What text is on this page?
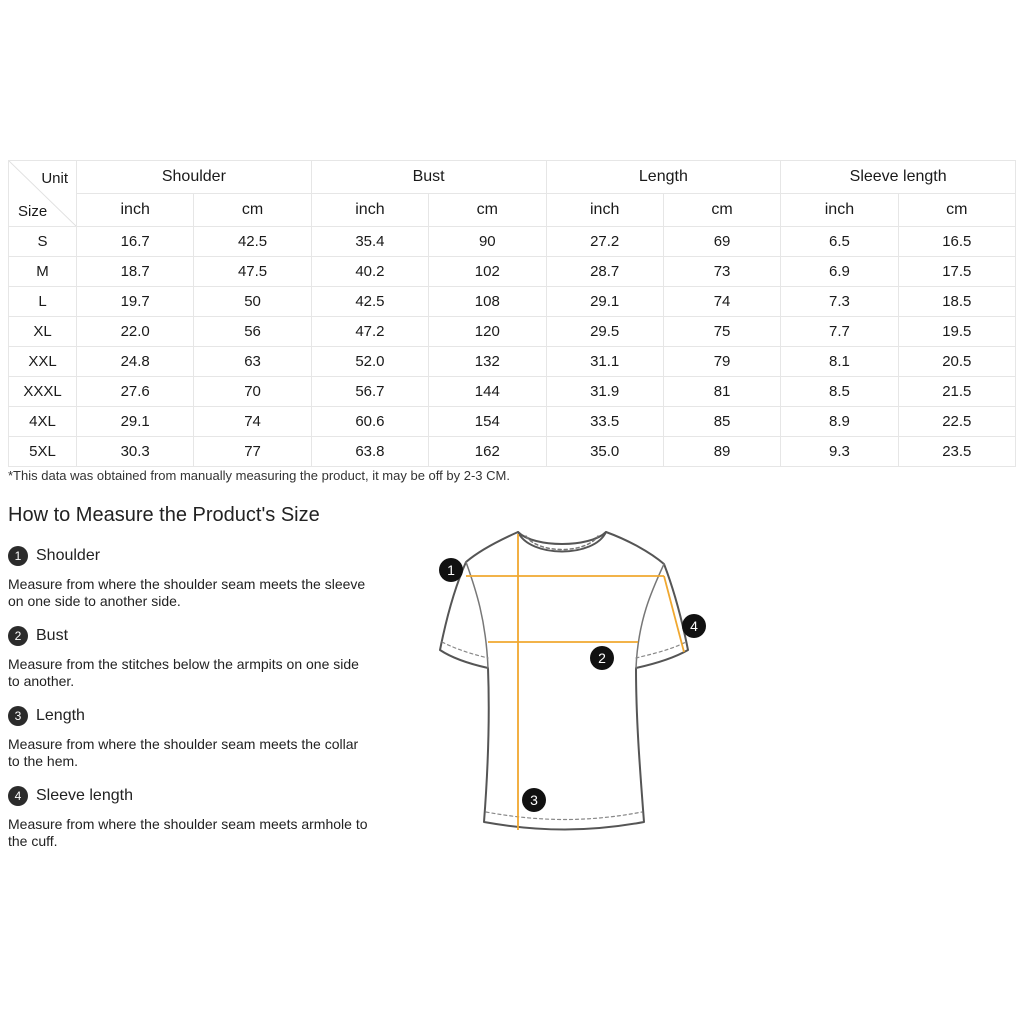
Unit
Size	Shoulder		Bust		Length		Sleeve length	
	inch	cm	inch	cm	inch	cm	inch	cm
S	16.7	42.5	35.4	90	27.2	69	6.5	16.5
M	18.7	47.5	40.2	102	28.7	73	6.9	17.5
L	19.7	50	42.5	108	29.1	74	7.3	18.5
XL	22.0	56	47.2	120	29.5	75	7.7	19.5
XXL	24.8	63	52.0	132	31.1	79	8.1	20.5
XXXL	27.6	70	56.7	144	31.9	81	8.5	21.5
4XL	29.1	74	60.6	154	33.5	85	8.9	22.5
5XL	30.3	77	63.8	162	35.0	89	9.3	23.5
*This data was obtained from manually measuring the product, it may be off by 2-3 CM.
How to Measure the Product's Size
1 Shoulder
Measure from where the shoulder seam meets the sleeve on one side to another side.
2 Bust
Measure from the stitches below the armpits on one side to another.
3 Length
Measure from where the shoulder seam meets the collar to the hem.
4 Sleeve length
Measure from where the shoulder seam meets armhole to the cuff.
1
2
3
4
